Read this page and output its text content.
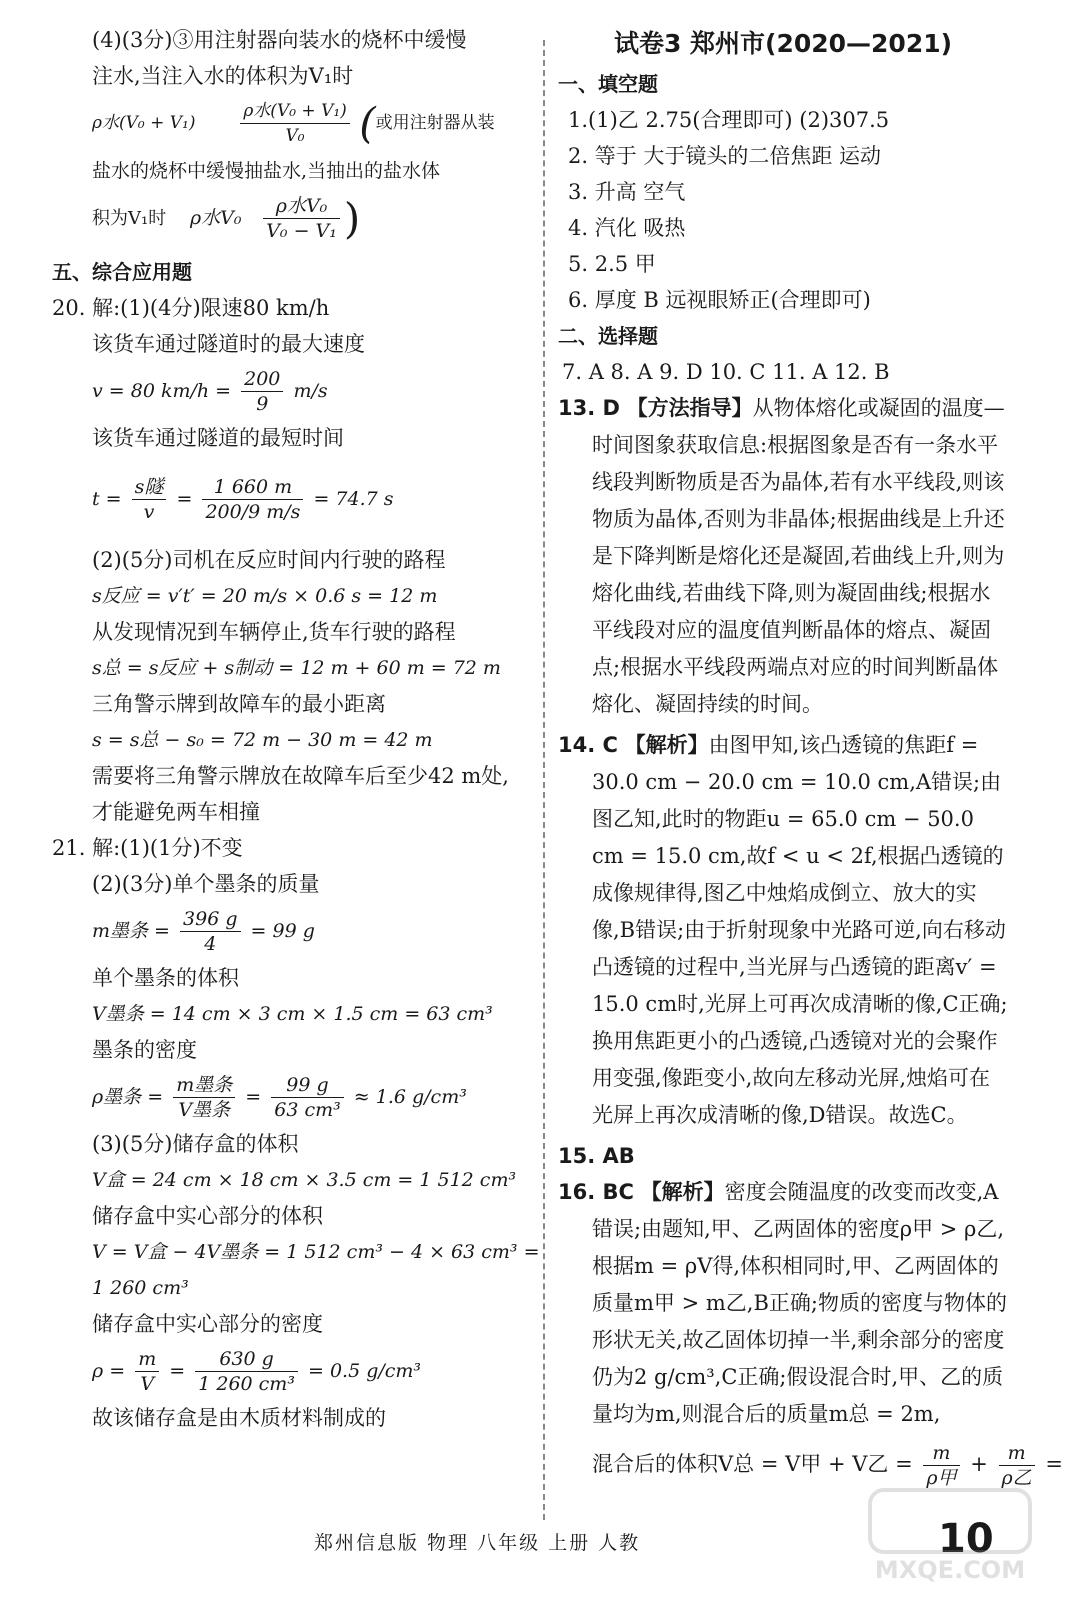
(4)(3分)③用注射器向装水的烧杯中缓慢
注水,当注入水的体积为V₁时
ρ水(V₀ + V₁)	$\frac{\text{ρ水(V₀ + V₁)}}{\text{V₀}}$ (或用注射器从装
盐水的烧杯中缓慢抽盐水,当抽出的盐水体
积为V₁时 ρ水$V_0 \frac{\text{ρ水V₀}}{\text{V₀ − V₁}}$ )
五、综合应用题
20. 解:(1)(4分)限速80 km/h
该货车通过隧道时的最大速度
v = 80 $km/h = \frac{200}{9} m/s$
该货车通过隧道的最短时间
$t = \frac{\text{s隧}}{v} = \frac{1 660 m}{200/9 m/s} = 74.7$ s
(2)(5分)司机在反应时间内行驶的路程
s反应 = v′t′ = 20 m/s × 0.6 s = 12 m
从发现情况到车辆停止,货车行驶的路程
s总 = s反应 + s制动 = 12 m + 60 m = 72 m
三角警示牌到故障车的最小距离
s = s总 − s₀ = 72 m − 30 m = 42 m
需要将三角警示牌放在故障车后至少42 m处,
才能避免两车相撞
21. 解:(1)(1分)不变
(2)(3分)单个墨条的质量
m墨条 = $\frac{396 g}{4} = 99$ g
单个墨条的体积
V墨条 = 14 cm × 3 cm × 1.5 cm = 63 cm³
墨条的密度
ρ墨条 = $\frac{\text{m墨条}}{\text{V墨条}} = \frac{99 g}{\text{63 cm³}} \approx 1.6$ g/cm³
(3)(5分)储存盒的体积
V盒 = 24 cm × 18 cm × 3.5 cm = 1 512 cm³
储存盒中实心部分的体积
V = V盒 − 4V墨条 = 1 512 cm³ − 4 × 63 cm³ =
1 260 cm³
储存盒中实心部分的密度
$\rho = \frac{m}{V} = \frac{630 g}{\text{1 260 cm³}} = 0.5$ g/cm³
故该储存盒是由木质材料制成的
试卷3 郑州市(2020—2021)
一、填空题
1.(1)乙 2.75(合理即可) (2)307.5
2. 等于 大于镜头的二倍焦距 运动
3. 升高 空气
4. 汽化 吸热
5. 2.5 甲
6. 厚度 B 远视眼矫正(合理即可)
二、选择题
7. A 8. A 9. D 10. C 11. A 12. B
13. D 【方法指导】从物体熔化或凝固的温度—时间图象获取信息:根据图象是否有一条水平线段判断物质是否为晶体,若有水平线段,则该物质为晶体,否则为非晶体;根据曲线是上升还是下降判断是熔化还是凝固,若曲线上升,则为熔化曲线,若曲线下降,则为凝固曲线;根据水平线段对应的温度值判断晶体的熔点、凝固点;根据水平线段两端点对应的时间判断晶体熔化、凝固持续的时间。
14. C 【解析】由图甲知,该凸透镜的焦距f = 30.0 cm − 20.0 cm = 10.0 cm,A错误;由图乙知,此时的物距u = 65.0 cm − 50.0 cm = 15.0 cm,故f < u < 2f,根据凸透镜的成像规律得,图乙中烛焰成倒立、放大的实像,B错误;由于折射现象中光路可逆,向右移动凸透镜的过程中,当光屏与凸透镜的距离v′ = 15.0 cm时,光屏上可再次成清晰的像,C正确;换用焦距更小的凸透镜,凸透镜对光的会聚作用变强,像距变小,故向左移动光屏,烛焰可在光屏上再次成清晰的像,D错误。故选C。
15. AB
16. BC 【解析】密度会随温度的改变而改变,A错误;由题知,甲、乙两固体的密度ρ甲 > ρ乙,根据m = ρV得,体积相同时,甲、乙两固体的质量m甲 > m乙,B正确;物质的密度与物体的形状无关,故乙固体切掉一半,剩余部分的密度仍为2 g/cm³,C正确;假设混合时,甲、乙的质量均为m,则混合后的质量m总 = 2m,
混合后的体积V总 = V甲 + V乙 = $\frac{m}{\text{ρ甲}} + \frac{m}{\text{ρ乙}}$ =
郑州信息版 物理 八年级 上册 人教	10
MXQE.COM
